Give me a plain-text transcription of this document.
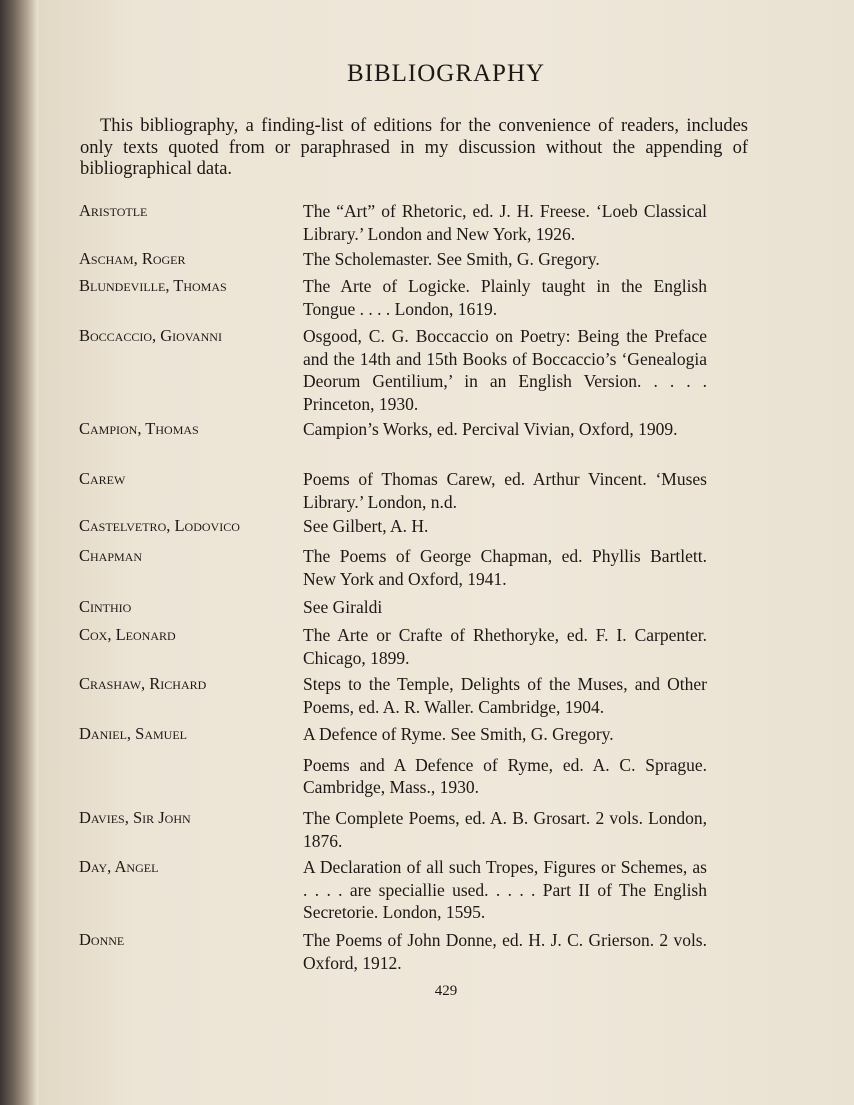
BIBLIOGRAPHY

This bibliography, a finding-list of editions for the convenience of readers, includes only texts quoted from or paraphrased in my discussion without the appending of bibliographical data.

Aristotle	The “Art” of Rhetoric, ed. J. H. Freese. ‘Loeb Classical Library.’ London and New York, 1926.

Ascham, Roger	The Scholemaster. See Smith, G. Gregory.

Blundeville, Thomas	The Arte of Logicke. Plainly taught in the English Tongue . . . . London, 1619.

Boccaccio, Giovanni	Osgood, C. G. Boccaccio on Poetry: Being the Preface and the 14th and 15th Books of Boccaccio’s ‘Genealogia Deorum Gentilium,’ in an English Version. . . . . Princeton, 1930.

Campion, Thomas	Campion’s Works, ed. Percival Vivian, Oxford, 1909.

Carew	Poems of Thomas Carew, ed. Arthur Vincent. ‘Muses Library.’ London, n.d.

Castelvetro, Lodovico	See Gilbert, A. H.

Chapman	The Poems of George Chapman, ed. Phyllis Bartlett. New York and Oxford, 1941.

Cinthio	See Giraldi

Cox, Leonard	The Arte or Crafte of Rhethoryke, ed. F. I. Carpenter. Chicago, 1899.

Crashaw, Richard	Steps to the Temple, Delights of the Muses, and Other Poems, ed. A. R. Waller. Cambridge, 1904.

Daniel, Samuel	A Defence of Ryme. See Smith, G. Gregory.

Poems and A Defence of Ryme, ed. A. C. Sprague. Cambridge, Mass., 1930.

Davies, Sir John	The Complete Poems, ed. A. B. Grosart. 2 vols. London, 1876.

Day, Angel	A Declaration of all such Tropes, Figures or Schemes, as . . . . are speciallie used. . . . . Part II of The English Secretorie. London, 1595.

Donne	The Poems of John Donne, ed. H. J. C. Grierson. 2 vols. Oxford, 1912.

429
